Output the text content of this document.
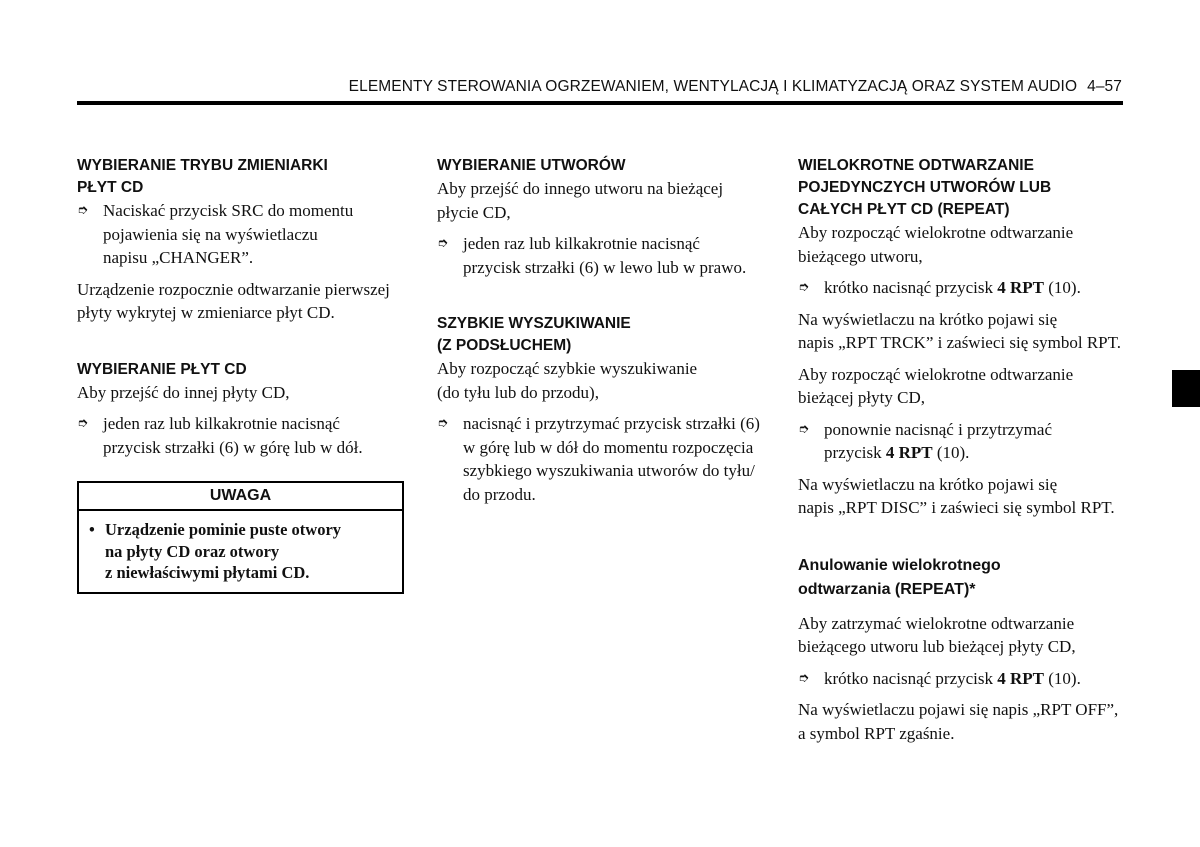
ELEMENTY STEROWANIA OGRZEWANIEM, WENTYLACJĄ I KLIMATYZACJĄ ORAZ SYSTEM AUDIO 4–57

WYBIERANIE TRYBU ZMIENIARKI
PŁYT CD

➮ Naciskać przycisk SRC do momentu
pojawienia się na wyświetlaczu
napisu „CHANGER”.

Urządzenie rozpocznie odtwarzanie pierwszej
płyty wykrytej w zmieniarce płyt CD.

WYBIERANIE PŁYT CD

Aby przejść do innej płyty CD,

➮ jeden raz lub kilkakrotnie nacisnąć
przycisk strzałki (6) w górę lub w dół.

UWAGA
• Urządzenie pominie puste otwory
na płyty CD oraz otwory
z niewłaściwymi płytami CD.

WYBIERANIE UTWORÓW

Aby przejść do innego utworu na bieżącej
płycie CD,

➮ jeden raz lub kilkakrotnie nacisnąć
przycisk strzałki (6) w lewo lub w prawo.

SZYBKIE WYSZUKIWANIE
(Z PODSŁUCHEM)

Aby rozpocząć szybkie wyszukiwanie
(do tyłu lub do przodu),

➮ nacisnąć i przytrzymać przycisk strzałki (6)
w górę lub w dół do momentu rozpoczęcia
szybkiego wyszukiwania utworów do tyłu/
do przodu.

WIELOKROTNE ODTWARZANIE
POJEDYNCZYCH UTWORÓW LUB
CAŁYCH PŁYT CD (REPEAT)

Aby rozpocząć wielokrotne odtwarzanie
bieżącego utworu,

➮ krótko nacisnąć przycisk 4 RPT (10).

Na wyświetlaczu na krótko pojawi się
napis „RPT TRCK” i zaświeci się symbol RPT.

Aby rozpocząć wielokrotne odtwarzanie
bieżącej płyty CD,

➮ ponownie nacisnąć i przytrzymać
przycisk 4 RPT (10).

Na wyświetlaczu na krótko pojawi się
napis „RPT DISC” i zaświeci się symbol RPT.

Anulowanie wielokrotnego
odtwarzania (REPEAT)*

Aby zatrzymać wielokrotne odtwarzanie
bieżącego utworu lub bieżącej płyty CD,

➮ krótko nacisnąć przycisk 4 RPT (10).

Na wyświetlaczu pojawi się napis „RPT OFF”,
a symbol RPT zgaśnie.
